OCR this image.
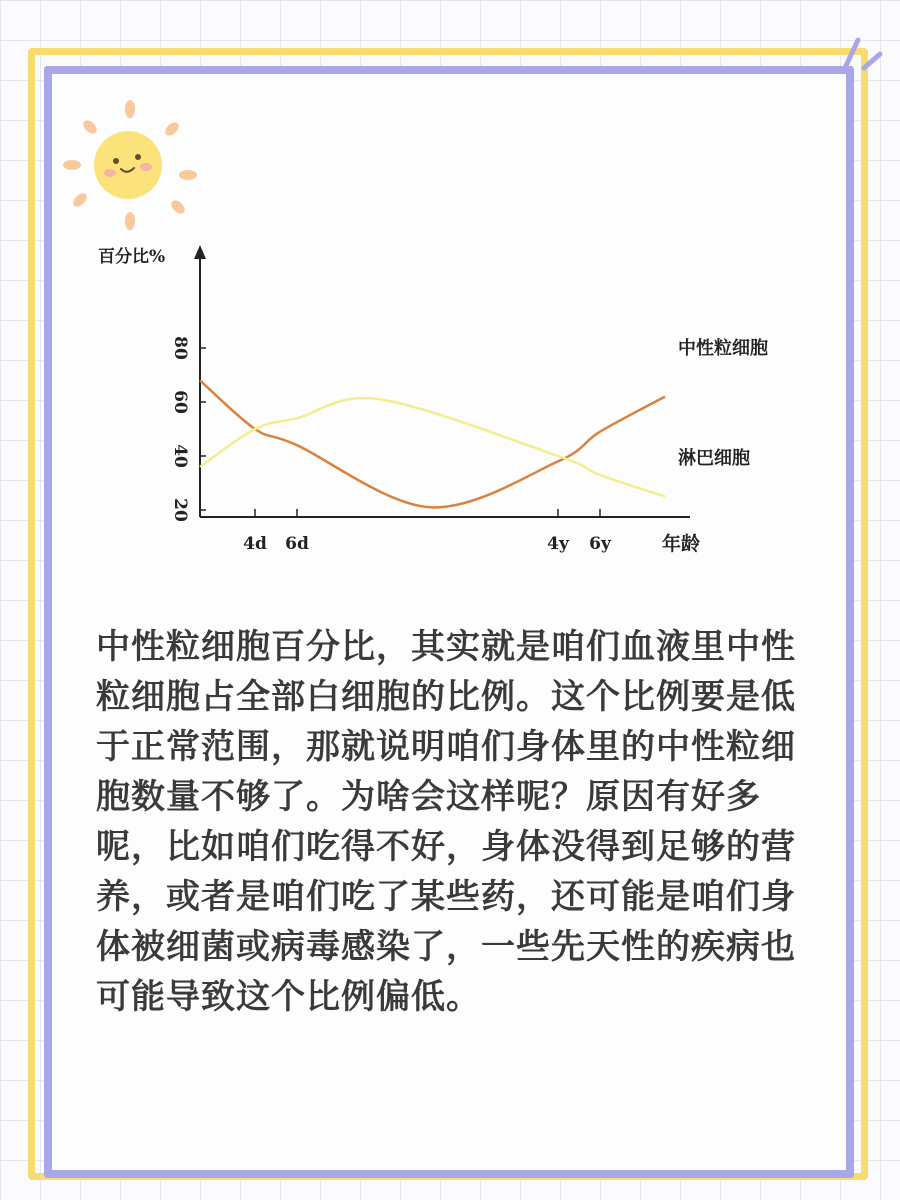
百分比%
年龄
80
60
40
20
4d 6d	4y 6y
中性粒细胞
淋巴细胞

中性粒细胞百分比，其实就是咱们血液里中性粒细胞占全部白细胞的比例。这个比例要是低于正常范围，那就说明咱们身体里的中性粒细胞数量不够了。为啥会这样呢？原因有好多呢，比如咱们吃得不好，身体没得到足够的营养，或者是咱们吃了某些药，还可能是咱们身体被细菌或病毒感染了，一些先天性的疾病也可能导致这个比例偏低。
